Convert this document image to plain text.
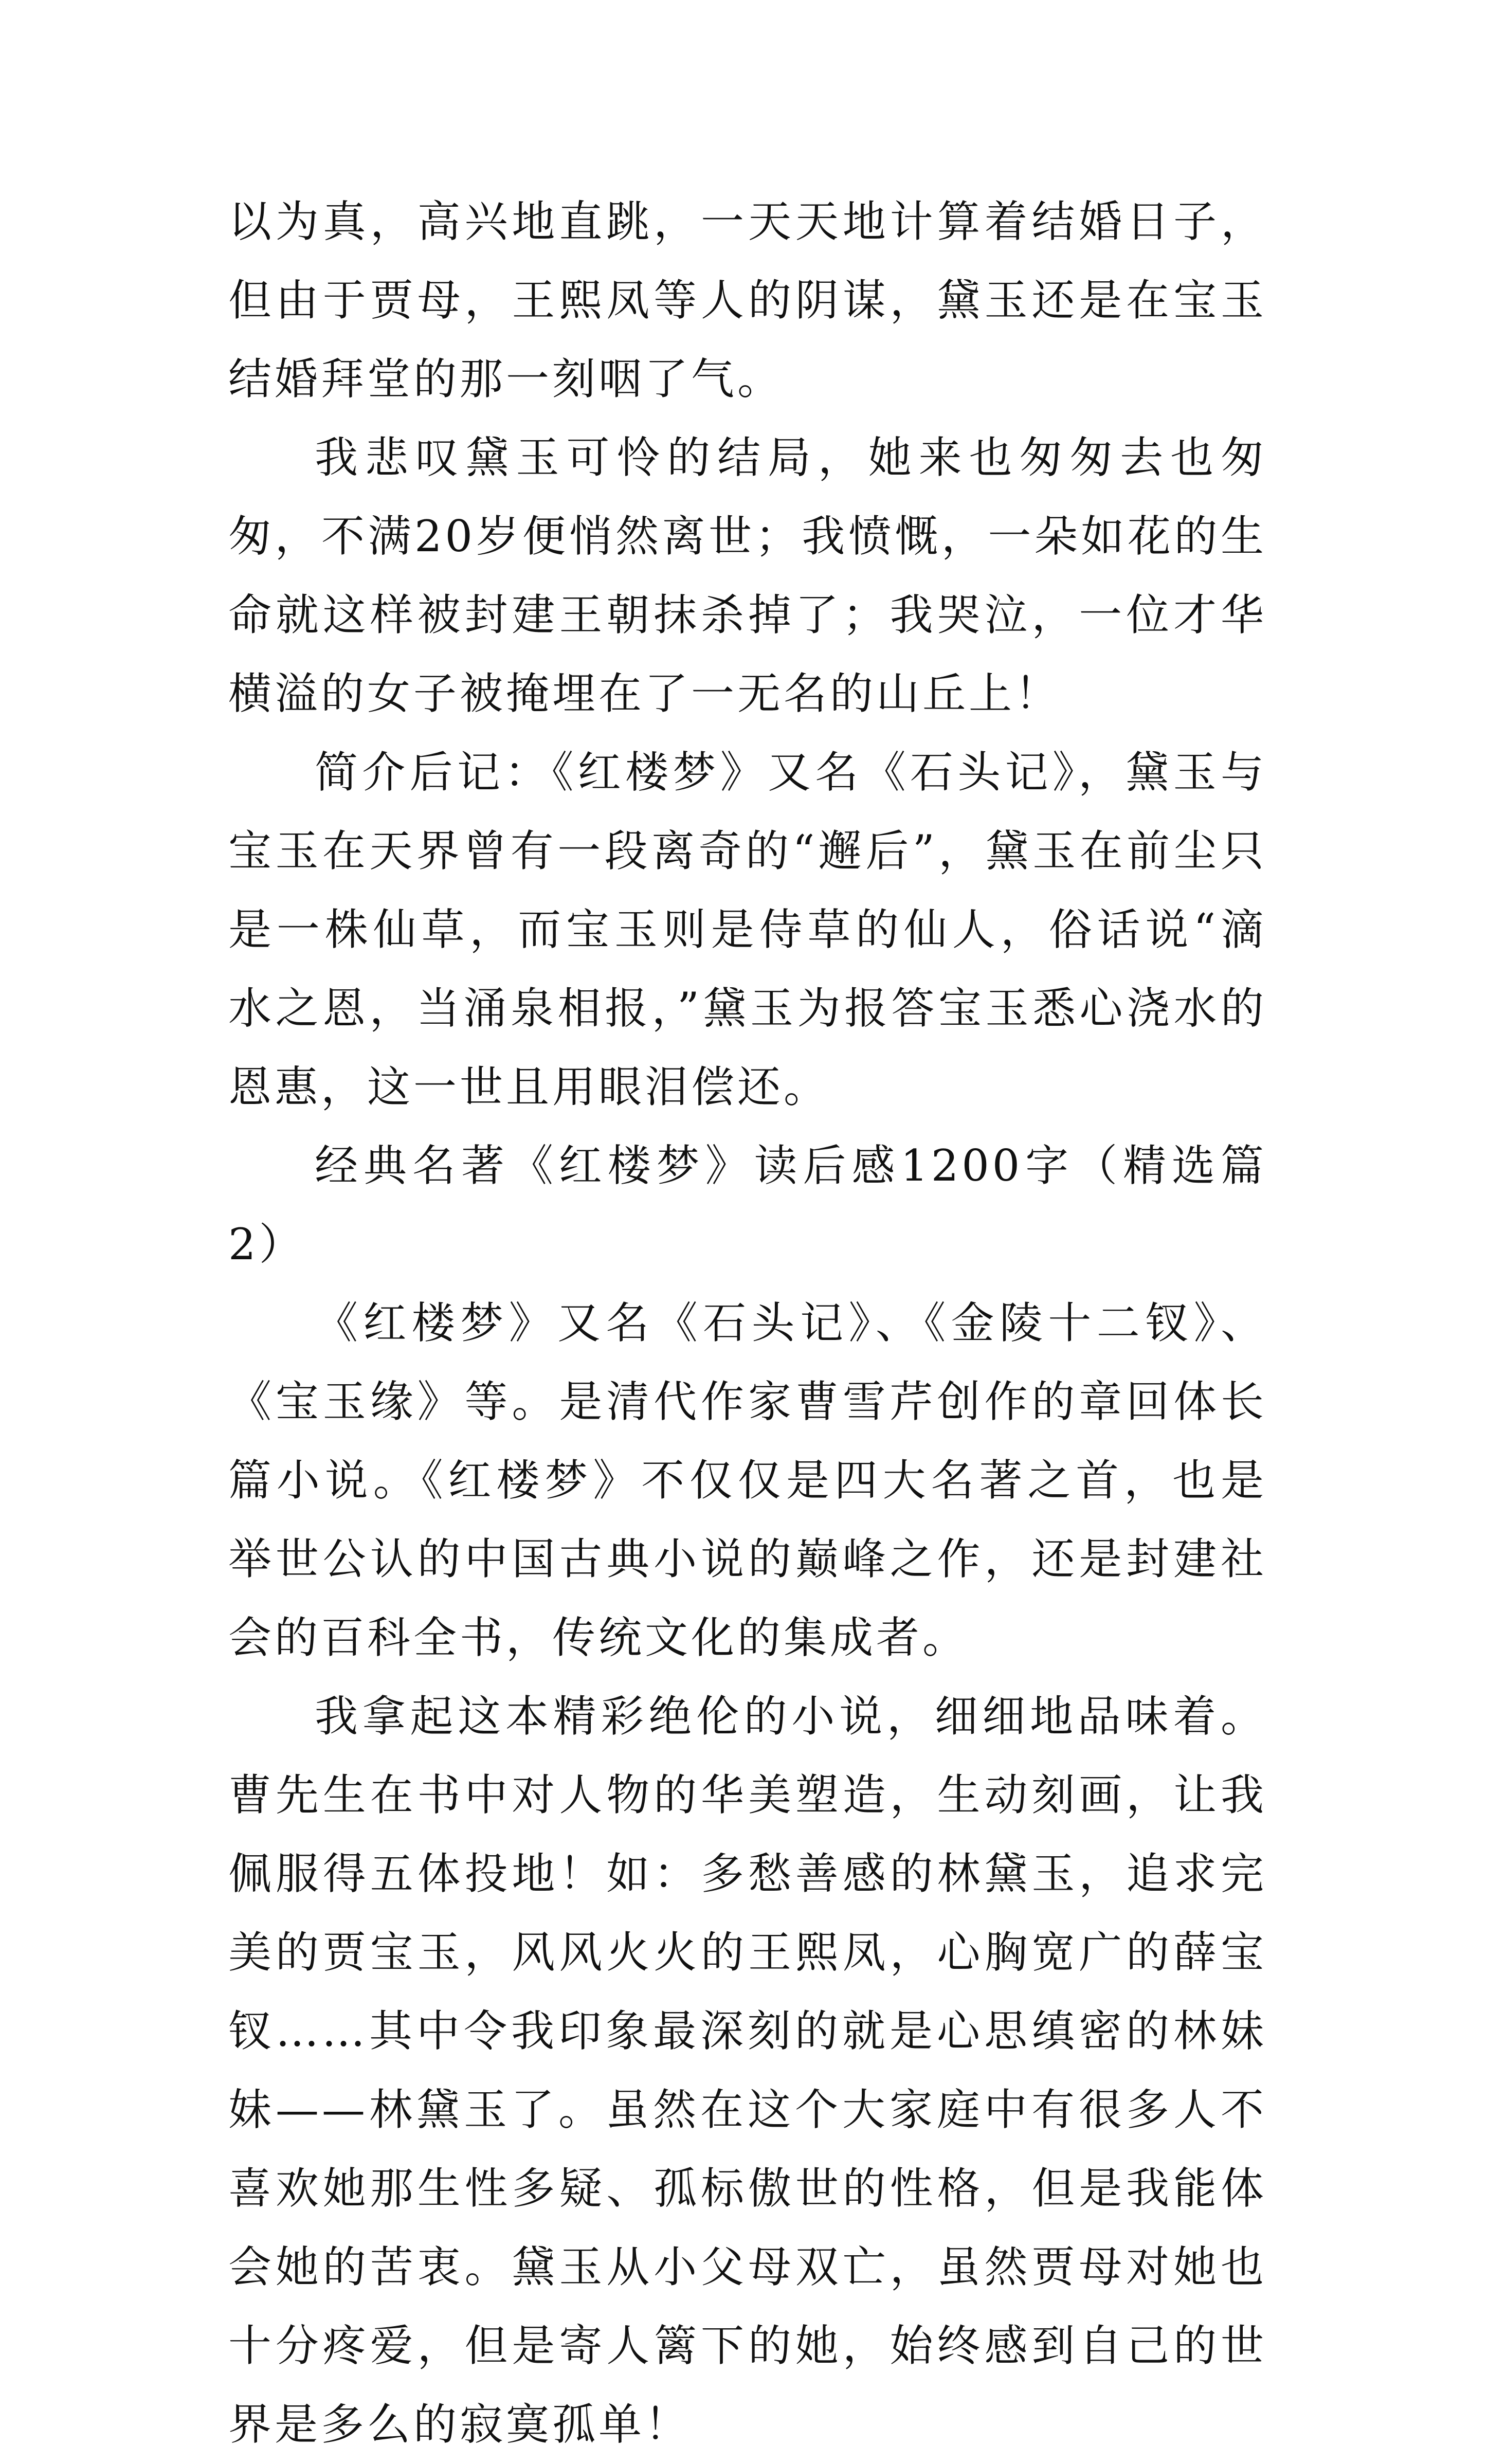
以为真，高兴地直跳，一天天地计算着结婚日子，但由于贾母，王熙凤等人的阴谋，黛玉还是在宝玉结婚拜堂的那一刻咽了气。

我悲叹黛玉可怜的结局，她来也匆匆去也匆匆，不满20岁便悄然离世；我愤慨，一朵如花的生命就这样被封建王朝抹杀掉了；我哭泣，一位才华横溢的女子被掩埋在了一无名的山丘上！

简介后记：《红楼梦》又名《石头记》，黛玉与宝玉在天界曾有一段离奇的“邂后”，黛玉在前尘只是一株仙草，而宝玉则是侍草的仙人，俗话说“滴水之恩，当涌泉相报，”黛玉为报答宝玉悉心浇水的恩惠，这一世且用眼泪偿还。

经典名著《红楼梦》读后感1200字（精选篇2）

《红楼梦》又名《石头记》、《金陵十二钗》、《宝玉缘》等。是清代作家曹雪芹创作的章回体长篇小说。《红楼梦》不仅仅是四大名著之首，也是举世公认的中国古典小说的巅峰之作，还是封建社会的百科全书，传统文化的集成者。

我拿起这本精彩绝伦的小说，细细地品味着。曹先生在书中对人物的华美塑造，生动刻画，让我佩服得五体投地！如：多愁善感的林黛玉，追求完美的贾宝玉，风风火火的王熙凤，心胸宽广的薛宝钗……其中令我印象最深刻的就是心思缜密的林妹妹——林黛玉了。虽然在这个大家庭中有很多人不喜欢她那生性多疑、孤标傲世的性格，但是我能体会她的苦衷。黛玉从小父母双亡，虽然贾母对她也十分疼爱，但是寄人篱下的她，始终感到自己的世界是多么的寂寞孤单！
